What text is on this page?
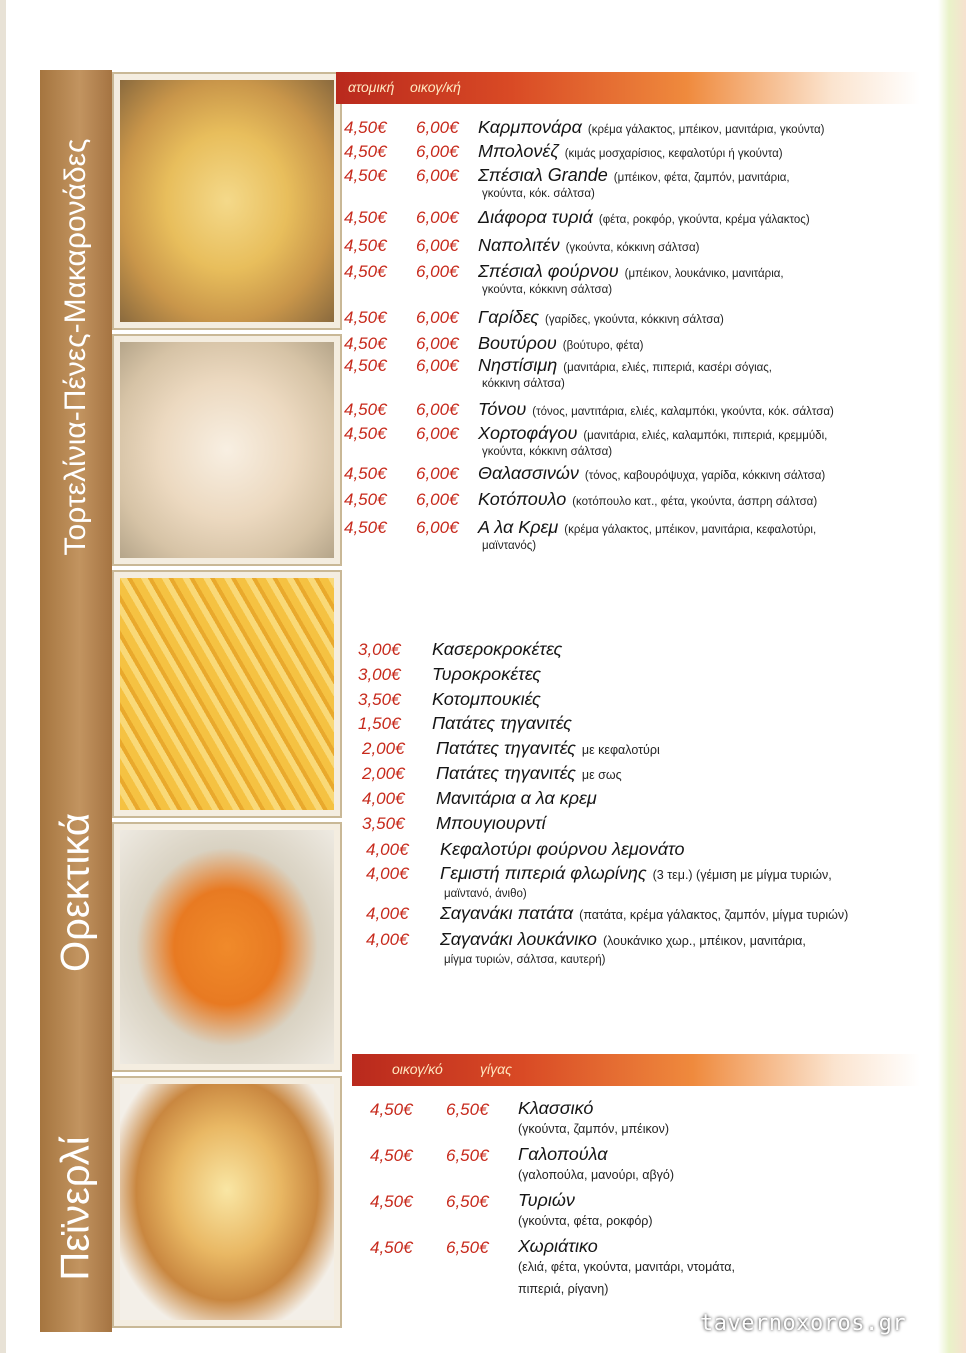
Τορτελίνια-Πένες-Μακαρονάδες
Ορεκτικά
Πεϊνερλί
ατομική οικογ/κή
4,50€ 6,00€ Καρμπονάρα (κρέμα γάλακτος, μπέικον, μανιτάρια, γκούντα)
4,50€ 6,00€ Μπολονέζ (κιμάς μοσχαρίσιος, κεφαλοτύρι ή γκούντα)
4,50€ 6,00€ Σπέσιαλ Grande (μπέικον, φέτα, ζαμπόν, μανιτάρια,
γκούντα, κόκ. σάλτσα)
4,50€ 6,00€ Διάφορα τυριά (φέτα, ροκφόρ, γκούντα, κρέμα γάλακτος)
4,50€ 6,00€ Ναπολιτέν (γκούντα, κόκκινη σάλτσα)
4,50€ 6,00€ Σπέσιαλ φούρνου (μπέικον, λουκάνικο, μανιτάρια,
γκούντα, κόκκινη σάλτσα)
4,50€ 6,00€ Γαρίδες (γαρίδες, γκούντα, κόκκινη σάλτσα)
4,50€ 6,00€ Βουτύρου (βούτυρο, φέτα)
4,50€ 6,00€ Νηστίσιμη (μανιτάρια, ελιές, πιπεριά, κασέρι σόγιας,
κόκκινη σάλτσα)
4,50€ 6,00€ Τόνου (τόνος, μαντιτάρια, ελιές, καλαμπόκι, γκούντα, κόκ. σάλτσα)
4,50€ 6,00€ Χορτοφάγου (μανιτάρια, ελιές, καλαμπόκι, πιπεριά, κρεμμύδι,
γκούντα, κόκκινη σάλτσα)
4,50€ 6,00€ Θαλασσινών (τόνος, καβουρόψυχα, γαρίδα, κόκκινη σάλτσα)
4,50€ 6,00€ Κοτόπουλο (κοτόπουλο κατ., φέτα, γκούντα, άσπρη σάλτσα)
4,50€ 6,00€ Α λα Κρεμ (κρέμα γάλακτος, μπέικον, μανιτάρια, κεφαλοτύρι,
μαϊντανός)
3,00€ Κασεροκροκέτες
3,00€ Τυροκροκέτες
3,50€ Κοτομπουκιές
1,50€ Πατάτες τηγανιτές
2,00€ Πατάτες τηγανιτές με κεφαλοτύρι
2,00€ Πατάτες τηγανιτές με σως
4,00€ Μανιτάρια α λα κρεμ
3,50€ Μπουγιουρντί
4,00€ Κεφαλοτύρι φούρνου λεμονάτο
4,00€ Γεμιστή πιπεριά φλωρίνης (3 τεμ.) (γέμιση με μίγμα τυριών,
μαϊντανό, άνιθο)
4,00€ Σαγανάκι πατάτα (πατάτα, κρέμα γάλακτος, ζαμπόν, μίγμα τυριών)
4,00€ Σαγανάκι λουκάνικο (λουκάνικο χωρ., μπέικον, μανιτάρια,
μίγμα τυριών, σάλτσα, καυτερή)
οικογ/κό	γίγας
4,50€ 6,50€ Κλασσικό
(γκούντα, ζαμπόν, μπέικον)
4,50€ 6,50€ Γαλοπούλα
(γαλοπούλα, μανούρι, αβγό)
4,50€ 6,50€ Τυριών
(γκούντα, φέτα, ροκφόρ)
4,50€ 6,50€ Χωριάτικο
(ελιά, φέτα, γκούντα, μανιτάρι, ντομάτα,
πιπεριά, ρίγανη)
tavernoxoros.gr
